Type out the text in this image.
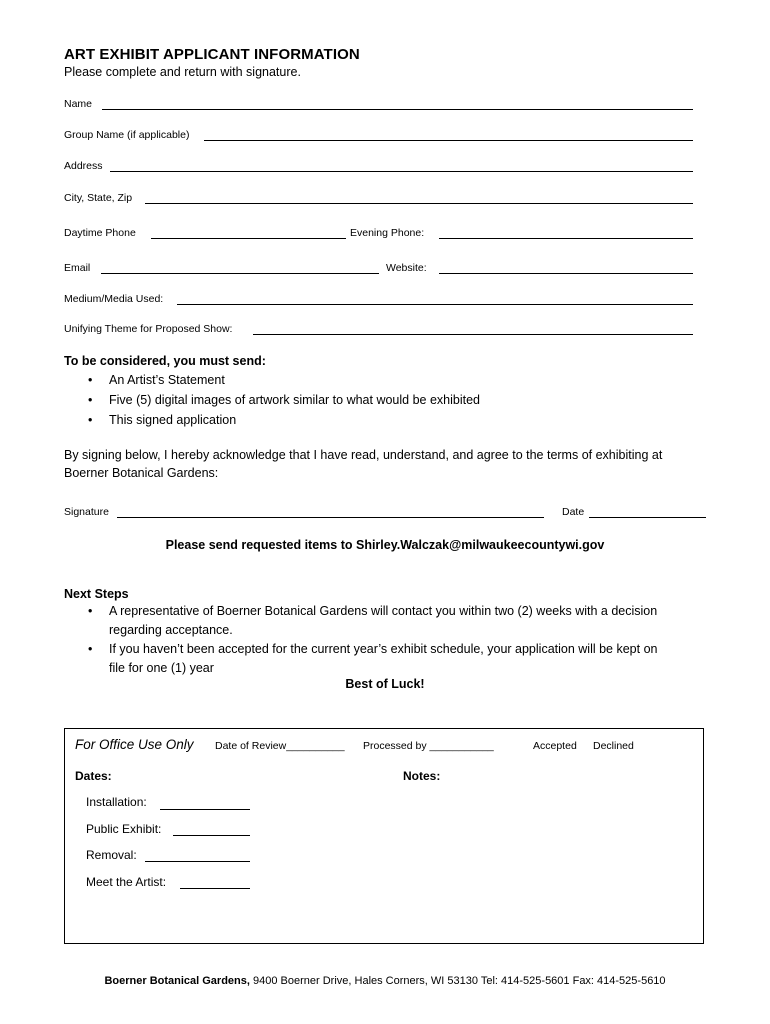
ART EXHIBIT APPLICANT INFORMATION
Please complete and return with signature.
Name
Group Name (if applicable)
Address
City, State, Zip
Daytime Phone	Evening Phone:
Email	Website:
Medium/Media Used:
Unifying Theme for Proposed Show:
To be considered, you must send:
• An Artist’s Statement
• Five (5) digital images of artwork similar to what would be exhibited
• This signed application
By signing below, I hereby acknowledge that I have read, understand, and agree to the terms of exhibiting at
Boerner Botanical Gardens:
Signature	Date
Please send requested items to Shirley.Walczak@milwaukeecountywi.gov
Next Steps
• A representative of Boerner Botanical Gardens will contact you within two (2) weeks with a decision
regarding acceptance.
• If you haven’t been accepted for the current year’s exhibit schedule, your application will be kept on
file for one (1) year
Best of Luck!
For Office Use Only Date of Review__________ Processed by ___________	Accepted Declined
Dates:	Notes:
Installation:
Public Exhibit:
Removal:
Meet the Artist:
Boerner Botanical Gardens, 9400 Boerner Drive, Hales Corners, WI 53130 Tel: 414-525-5601 Fax: 414-525-5610
